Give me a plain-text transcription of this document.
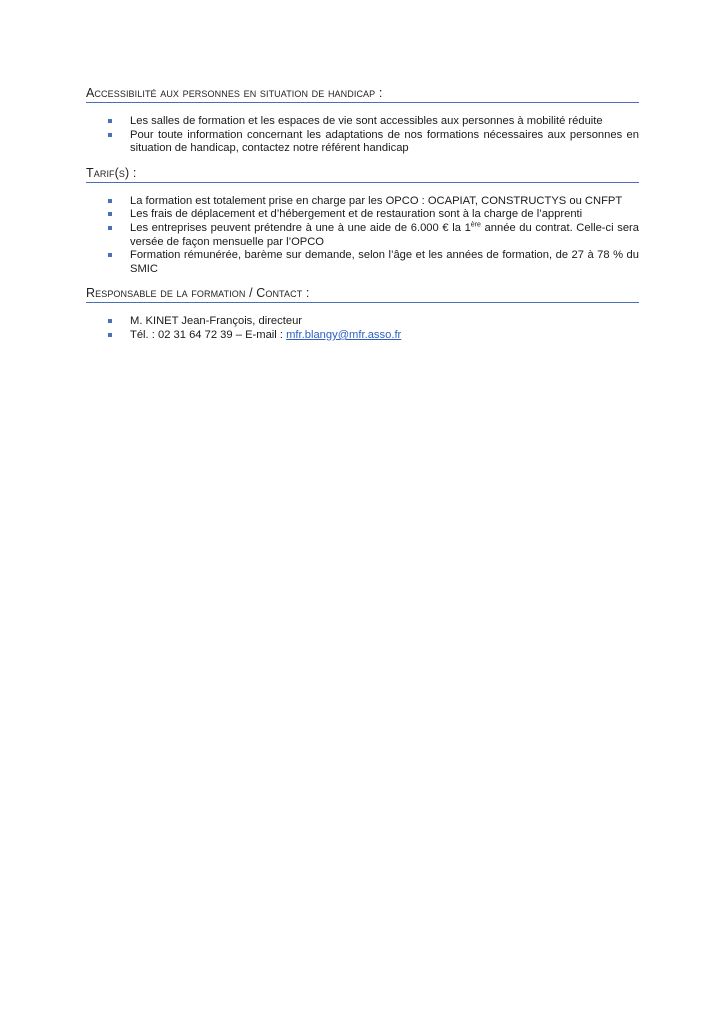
Accessibilité aux personnes en situation de handicap :
Les salles de formation et les espaces de vie sont accessibles aux personnes à mobilité réduite
Pour toute information concernant les adaptations de nos formations nécessaires aux personnes en situation de handicap, contactez notre référent handicap
Tarif(s) :
La formation est totalement prise en charge par les OPCO : OCAPIAT, CONSTRUCTYS ou CNFPT
Les frais de déplacement et d’hébergement et de restauration sont à la charge de l’apprenti
Les entreprises peuvent prétendre à une à une aide de 6.000 € la 1ère année du contrat. Celle-ci sera versée de façon mensuelle par l’OPCO
Formation rémunérée, barème sur demande, selon l’âge et les années de formation, de 27 à 78 % du SMIC
Responsable de la formation / Contact :
M. KINET Jean-François, directeur
Tél. : 02 31 64 72 39 – E-mail : mfr.blangy@mfr.asso.fr
